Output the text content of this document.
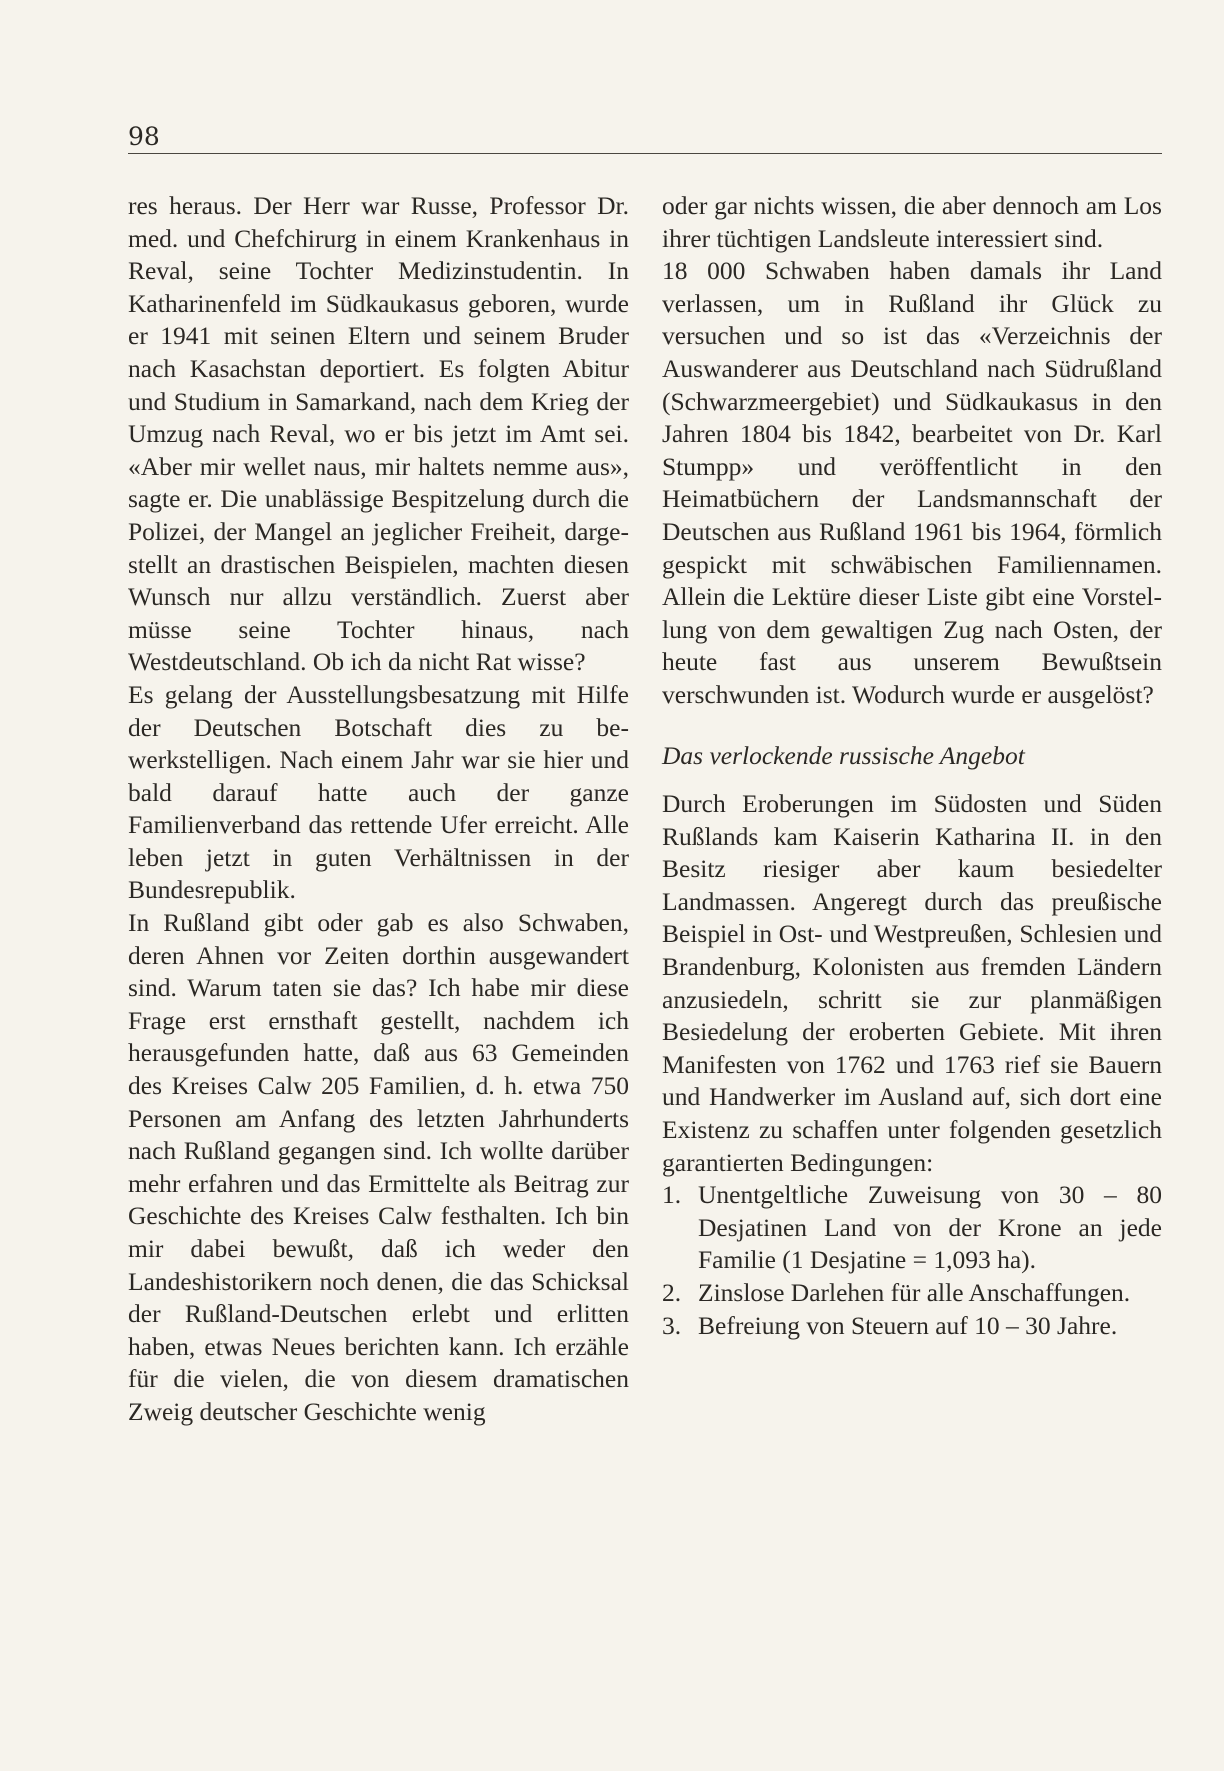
98

res heraus. Der Herr war Russe, Professor Dr. med. und Chefchirurg in einem Krankenhaus in Reval, seine Tochter Medizinstudentin. In Katharinenfeld im Südkaukasus geboren, wurde er 1941 mit seinen Eltern und seinem Bruder nach Kasachstan deportiert. Es folgten Abitur und Studium in Samarkand, nach dem Krieg der Umzug nach Reval, wo er bis jetzt im Amt sei. «Aber mir wellet naus, mir haltets nemme aus», sagte er. Die unablässige Bespitzelung durch die Polizei, der Mangel an jeglicher Freiheit, dargestellt an drastischen Beispielen, machten diesen Wunsch nur allzu verständlich. Zuerst aber müsse seine Tochter hinaus, nach Westdeutschland. Ob ich da nicht Rat wisse?

Es gelang der Ausstellungsbesatzung mit Hilfe der Deutschen Botschaft dies zu bewerkstelligen. Nach einem Jahr war sie hier und bald darauf hatte auch der ganze Familienverband das rettende Ufer erreicht. Alle leben jetzt in guten Verhältnissen in der Bundesrepublik.

In Rußland gibt oder gab es also Schwaben, deren Ahnen vor Zeiten dorthin ausgewandert sind. Warum taten sie das? Ich habe mir diese Frage erst ernsthaft gestellt, nachdem ich herausgefunden hatte, daß aus 63 Gemeinden des Kreises Calw 205 Familien, d. h. etwa 750 Personen am Anfang des letzten Jahrhunderts nach Rußland gegangen sind. Ich wollte darüber mehr erfahren und das Ermittelte als Beitrag zur Geschichte des Kreises Calw festhalten. Ich bin mir dabei bewußt, daß ich weder den Landeshistorikern noch denen, die das Schicksal der Rußland-Deutschen erlebt und erlitten haben, etwas Neues berichten kann. Ich erzähle für die vielen, die von diesem dramatischen Zweig deutscher Geschichte wenig

oder gar nichts wissen, die aber dennoch am Los ihrer tüchtigen Landsleute interessiert sind.

18 000 Schwaben haben damals ihr Land verlassen, um in Rußland ihr Glück zu versuchen und so ist das «Verzeichnis der Auswanderer aus Deutschland nach Südrußland (Schwarzmeergebiet) und Südkaukasus in den Jahren 1804 bis 1842, bearbeitet von Dr. Karl Stumpp» und veröffentlicht in den Heimatbüchern der Landsmannschaft der Deutschen aus Rußland 1961 bis 1964, förmlich gespickt mit schwäbischen Familiennamen. Allein die Lektüre dieser Liste gibt eine Vorstellung von dem gewaltigen Zug nach Osten, der heute fast aus unserem Bewußtsein verschwunden ist. Wodurch wurde er ausgelöst?

Das verlockende russische Angebot

Durch Eroberungen im Südosten und Süden Rußlands kam Kaiserin Katharina II. in den Besitz riesiger aber kaum besiedelter Landmassen. Angeregt durch das preußische Beispiel in Ost- und Westpreußen, Schlesien und Brandenburg, Kolonisten aus fremden Ländern anzusiedeln, schritt sie zur planmäßigen Besiedelung der eroberten Gebiete. Mit ihren Manifesten von 1762 und 1763 rief sie Bauern und Handwerker im Ausland auf, sich dort eine Existenz zu schaffen unter folgenden gesetzlich garantierten Bedingungen:

1. Unentgeltliche Zuweisung von 30 – 80 Desjatinen Land von der Krone an jede Familie (1 Desjatine = 1,093 ha).
2. Zinslose Darlehen für alle Anschaffungen.
3. Befreiung von Steuern auf 10 – 30 Jahre.
